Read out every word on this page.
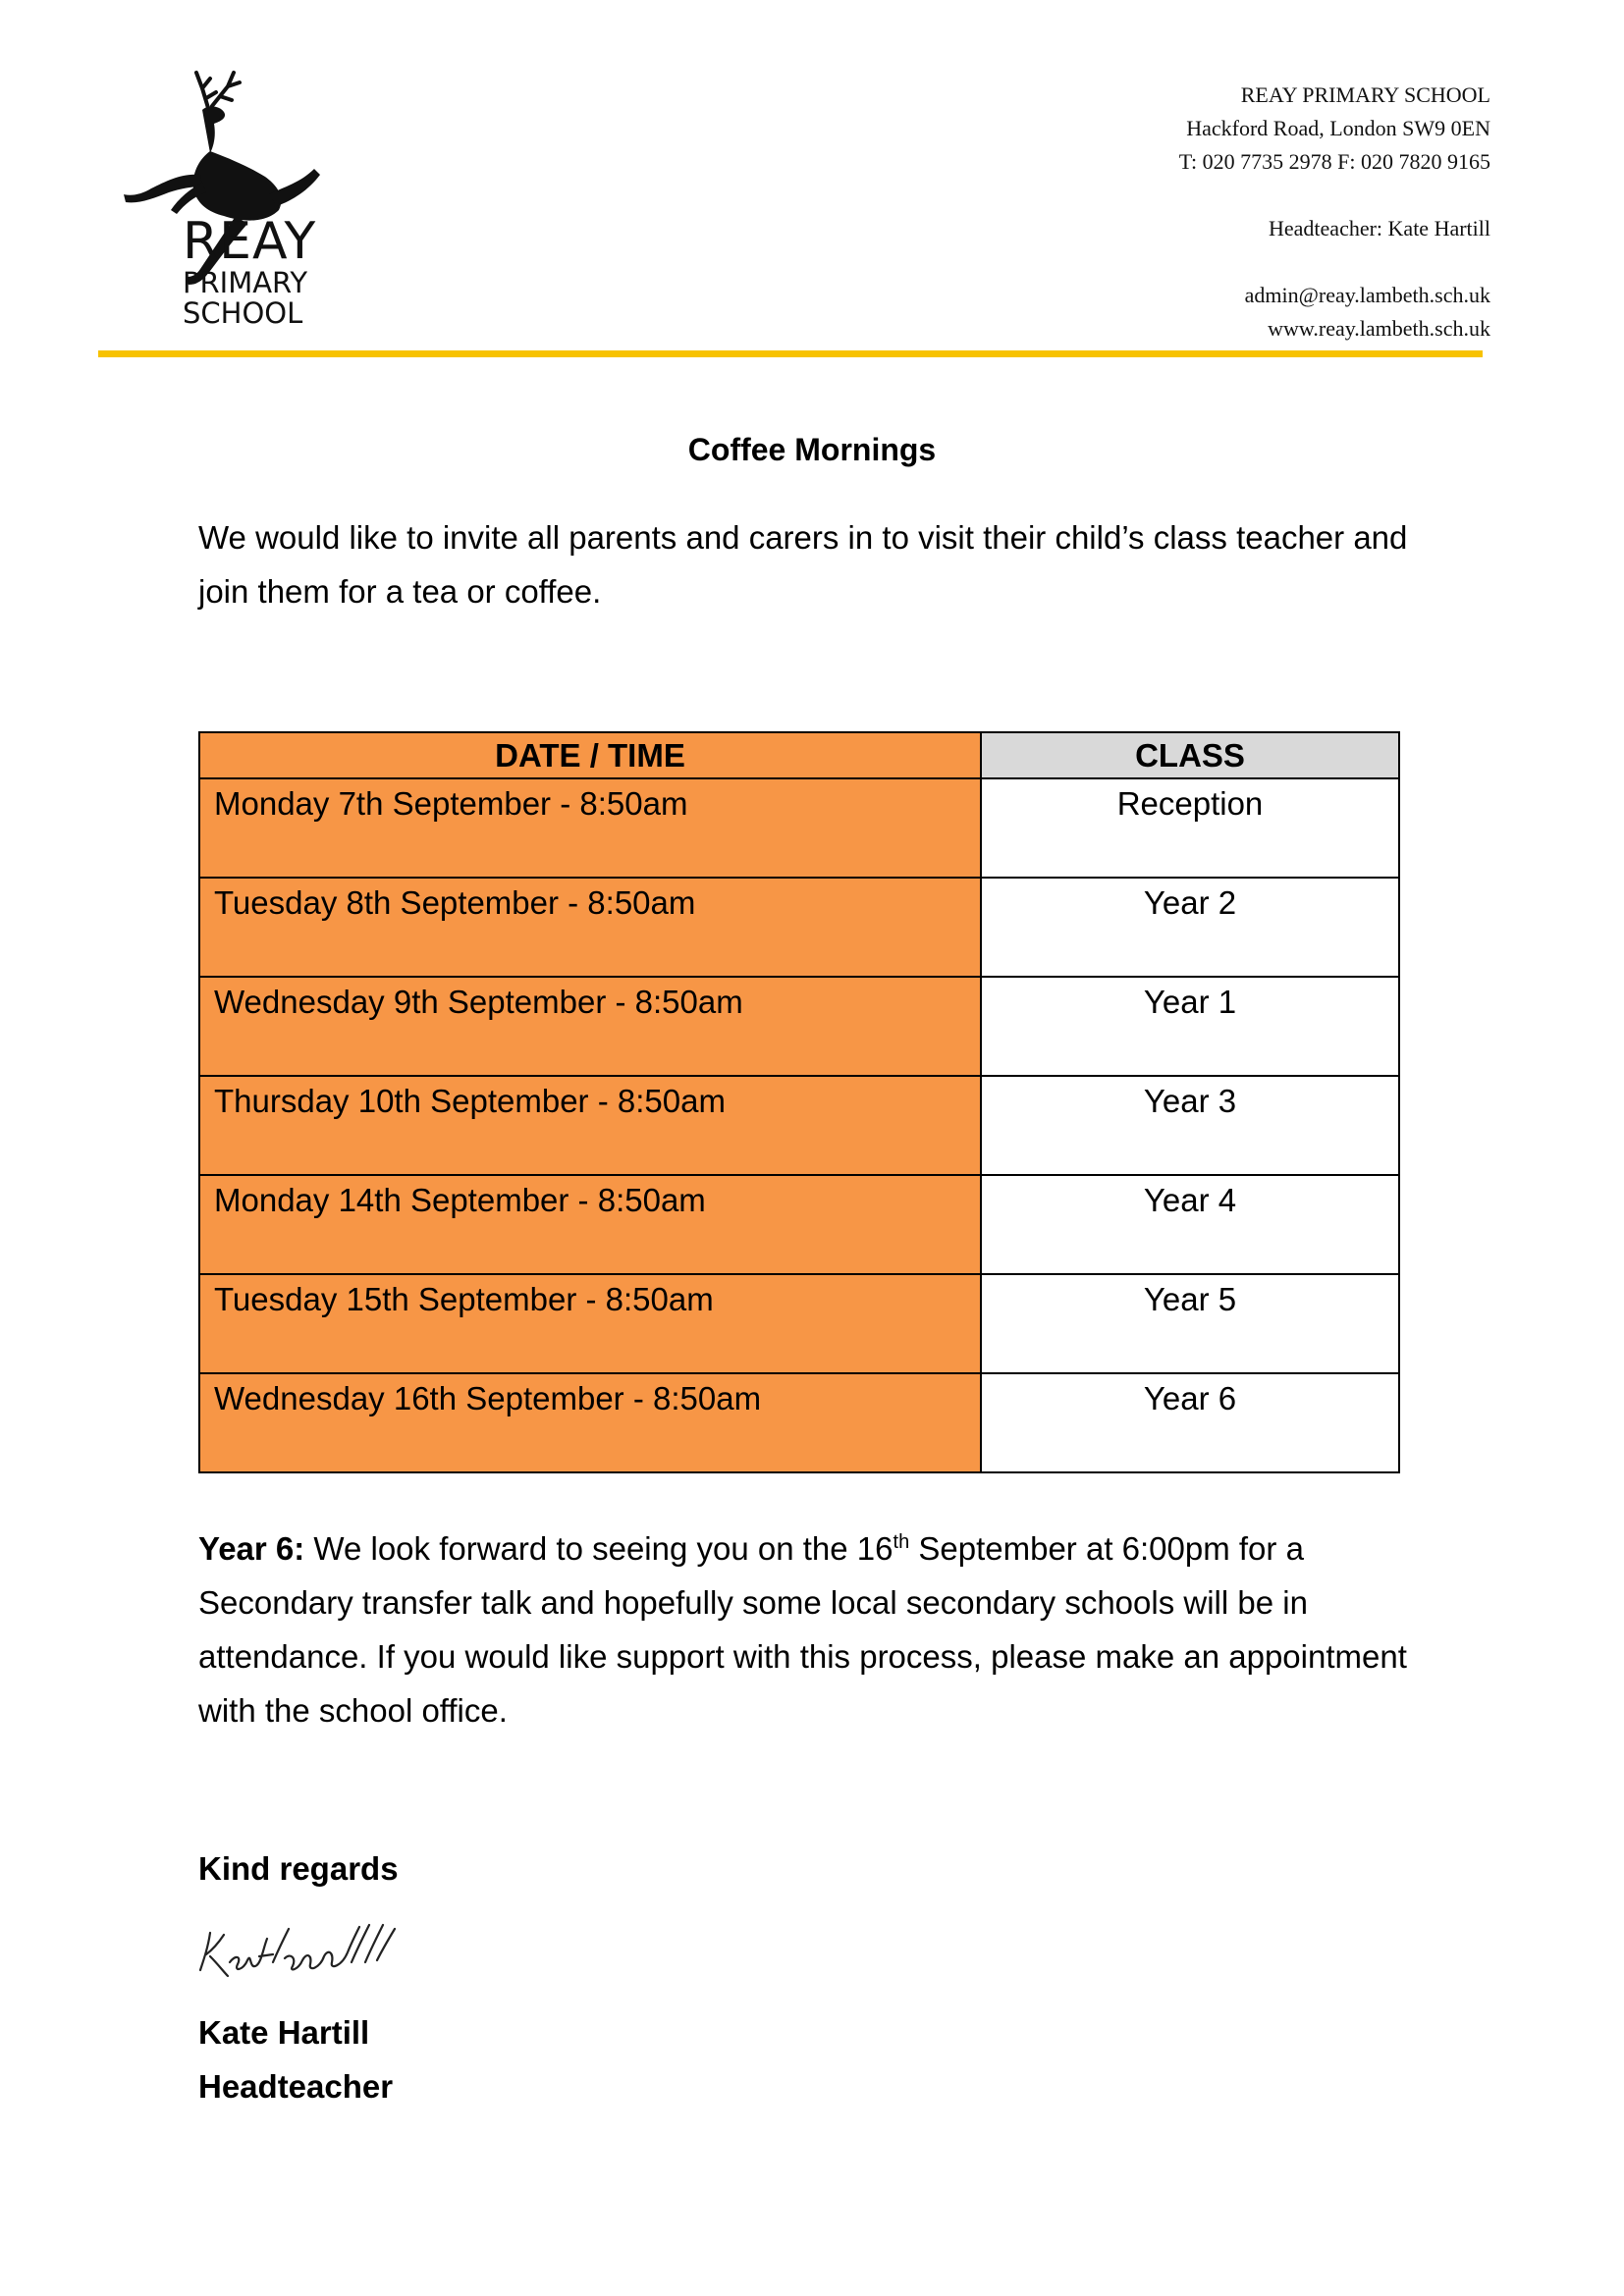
REAY
PRIMARY
SCHOOL
REAY PRIMARY SCHOOL
Hackford Road, London SW9 0EN
T: 020 7735 2978 F: 020 7820 9165
Headteacher: Kate Hartill
admin@reay.lambeth.sch.uk
www.reay.lambeth.sch.uk
Coffee Mornings
We would like to invite all parents and carers in to visit their child’s class teacher and join them for a tea or coffee.
DATE / TIME	CLASS
Monday 7th September - 8:50am	Reception
Tuesday 8th September - 8:50am	Year 2
Wednesday 9th September - 8:50am	Year 1
Thursday 10th September - 8:50am	Year 3
Monday 14th September - 8:50am	Year 4
Tuesday 15th September - 8:50am	Year 5
Wednesday 16th September - 8:50am	Year 6
Year 6: We look forward to seeing you on the 16th September at 6:00pm for a Secondary transfer talk and hopefully some local secondary schools will be in attendance. If you would like support with this process, please make an appointment with the school office.
Kind regards
Kate Hartill
Headteacher
